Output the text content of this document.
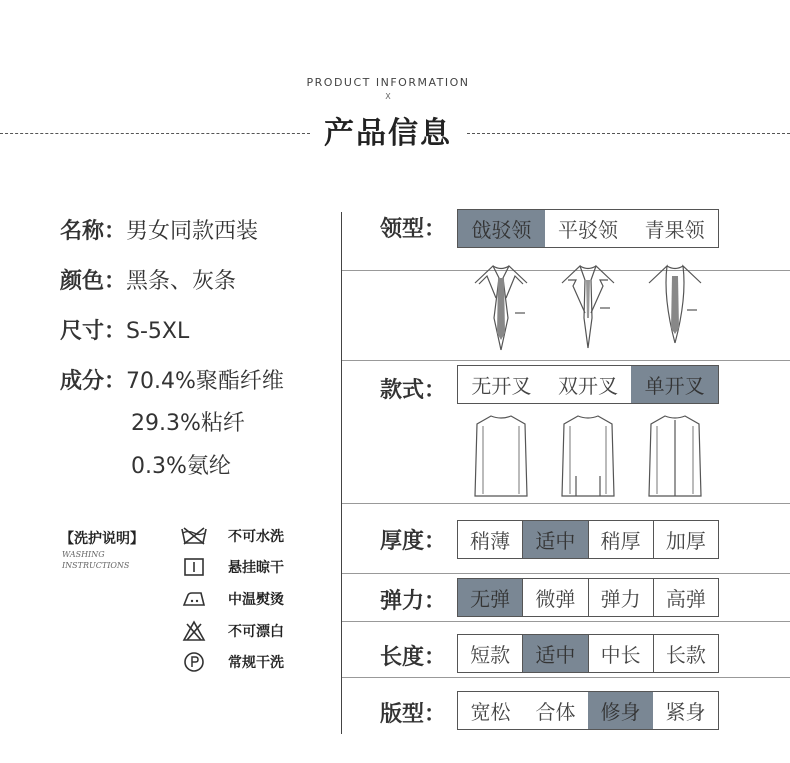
PRODUCT INFORMATION
X
产品信息
名称：男女同款西装
颜色：黑条、灰条
尺寸：S-5XL
成分：70.4%聚酯纤维
29.3%粘纤
0.3%氨纶
【洗护说明】
WASHING
INSTRUCTIONS
不可水洗
悬挂晾干
中温熨烫
不可漂白
常规干洗
领型：	戗驳领	平驳领	青果领
款式：	无开叉	双开叉	单开叉
厚度：	稍薄	适中	稍厚	加厚
弹力：	无弹	微弹	弹力	高弹
长度：	短款	适中	中长	长款
版型：	宽松	合体	修身	紧身
